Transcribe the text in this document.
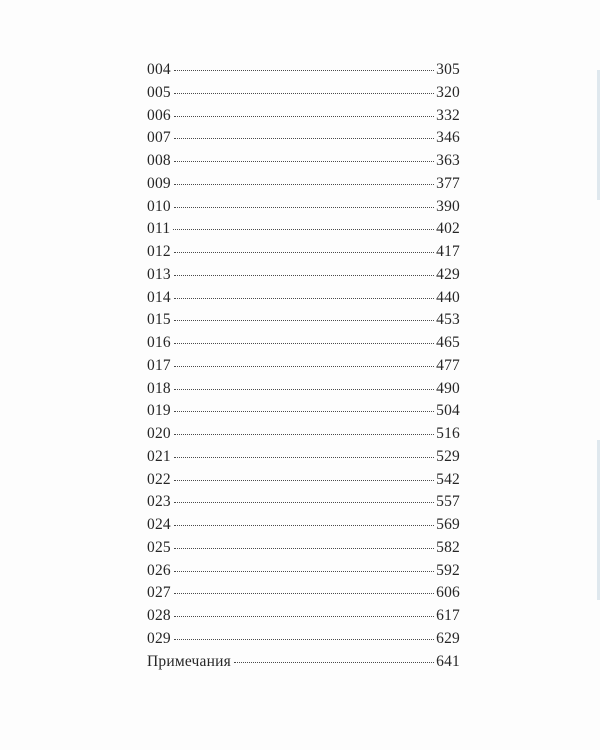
004	305
005	320
006	332
007	346
008	363
009	377
010	390
011	402
012	417
013	429
014	440
015	453
016	465
017	477
018	490
019	504
020	516
021	529
022	542
023	557
024	569
025	582
026	592
027	606
028	617
029	629
Примечания	641
